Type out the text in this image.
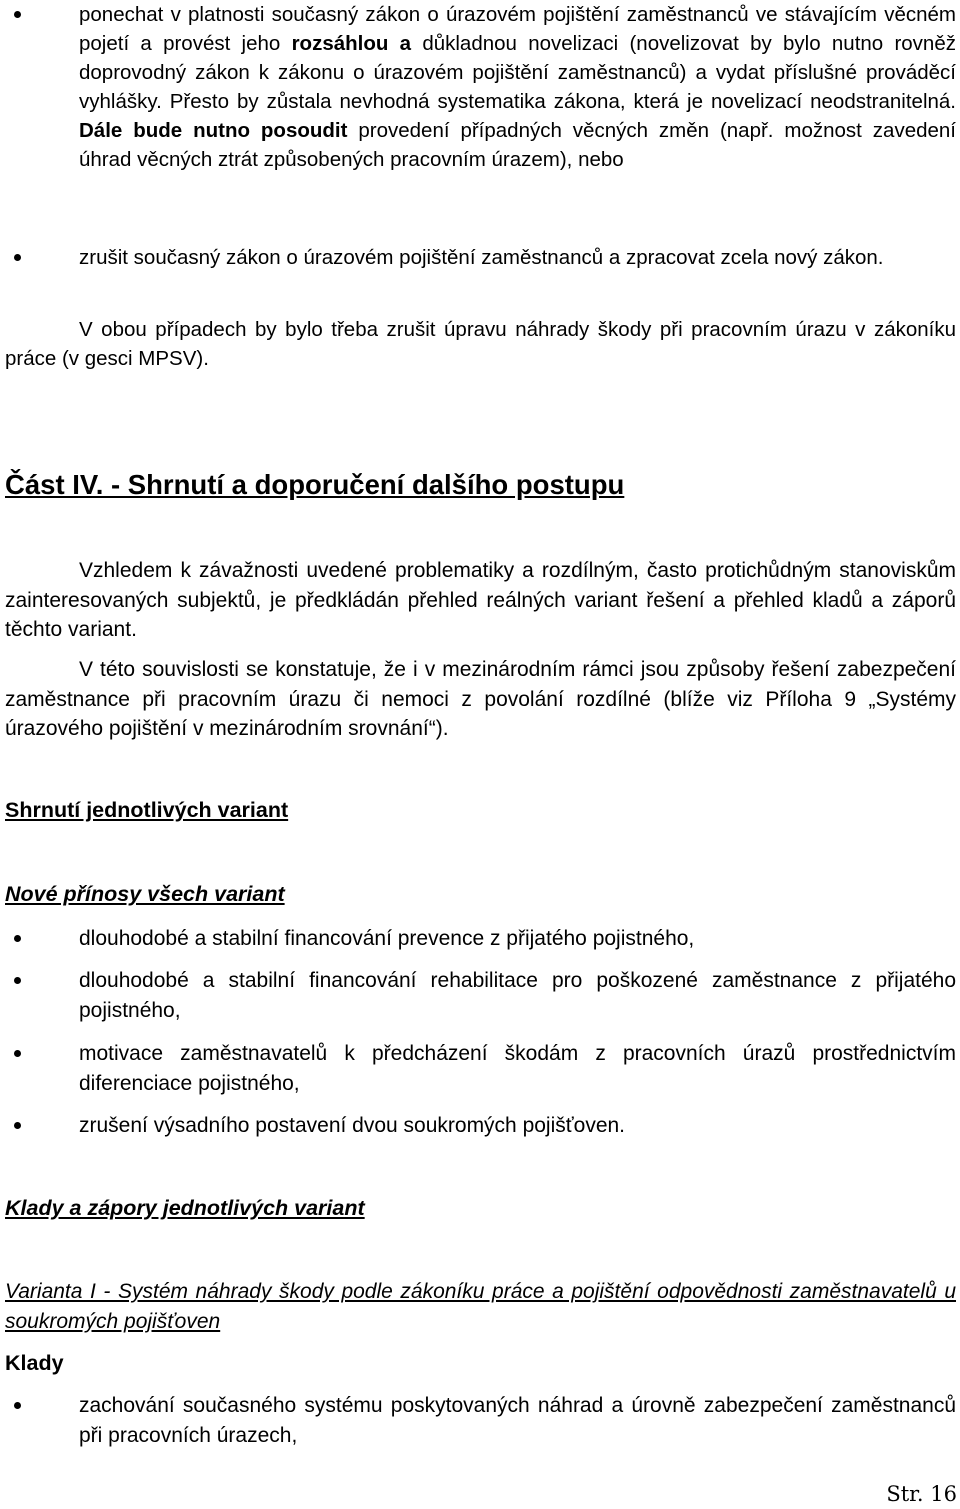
ponechat v platnosti současný zákon o úrazovém pojištění zaměstnanců ve stávajícím věcném pojetí a provést jeho rozsáhlou a důkladnou novelizaci (novelizovat by bylo nutno rovněž doprovodný zákon k zákonu o úrazovém pojištění zaměstnanců) a vydat příslušné prováděcí vyhlášky. Přesto by zůstala nevhodná systematika zákona, která je novelizací neodstranitelná. Dále bude nutno posoudit provedení případných věcných změn (např. možnost zavedení úhrad věcných ztrát způsobených pracovním úrazem), nebo
zrušit současný zákon o úrazovém pojištění zaměstnanců a zpracovat zcela nový zákon.
V obou případech by bylo třeba zrušit úpravu náhrady škody při pracovním úrazu v zákoníku práce (v gesci MPSV).
Část IV. - Shrnutí a doporučení dalšího postupu
Vzhledem k závažnosti uvedené problematiky a rozdílným, často protichůdným stanoviskům zainteresovaných subjektů, je předkládán přehled reálných variant řešení a přehled kladů a záporů těchto variant.
V této souvislosti se konstatuje, že i v mezinárodním rámci jsou způsoby řešení zabezpečení zaměstnance při pracovním úrazu či nemoci z povolání rozdílné (blíže viz Příloha 9 „Systémy úrazového pojištění v mezinárodním srovnání“).
Shrnutí jednotlivých variant
Nové přínosy všech variant
dlouhodobé a stabilní financování prevence z přijatého pojistného,
dlouhodobé a stabilní financování rehabilitace pro poškozené zaměstnance z přijatého pojistného,
motivace zaměstnavatelů k předcházení škodám z pracovních úrazů prostřednictvím diferenciace pojistného,
zrušení výsadního postavení dvou soukromých pojišťoven.
Klady a zápory jednotlivých variant
Varianta I - Systém náhrady škody podle zákoníku práce a pojištění odpovědnosti zaměstnavatelů u soukromých pojišťoven
Klady
zachování současného systému poskytovaných náhrad a úrovně zabezpečení zaměstnanců při pracovních úrazech,
Str. 16
